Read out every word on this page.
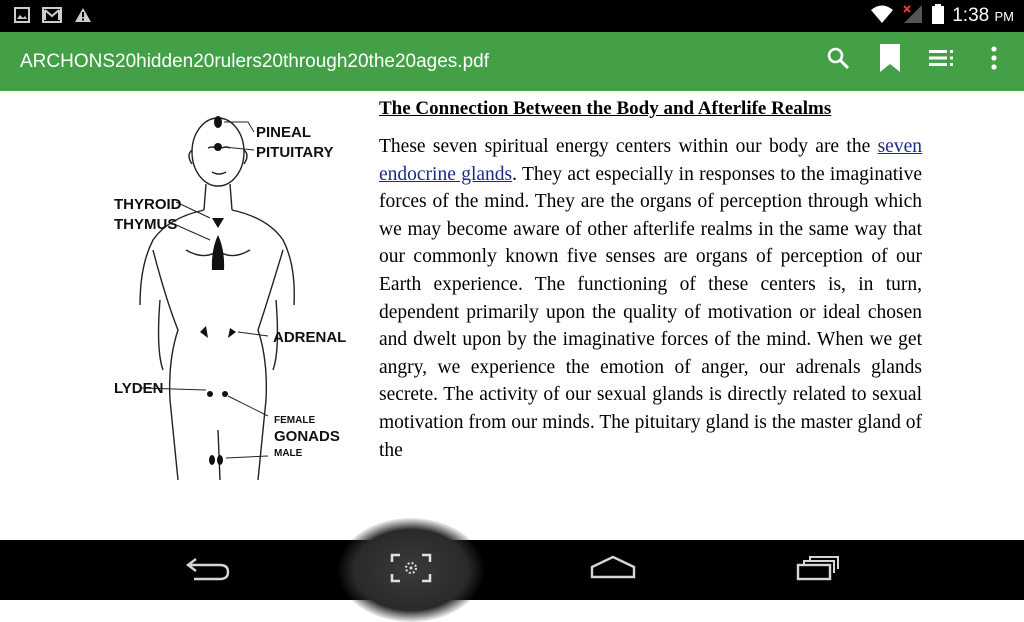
1:38 PM
ARCHONS20hidden20rulers20through20the20ages.pdf
PINEAL
PITUITARY
THYROID
THYMUS
ADRENAL
LYDEN
FEMALE
GONADS
MALE

The Connection Between the Body and Afterlife Realms

These seven spiritual energy centers within our body are the seven endocrine glands. They act especially in responses to the imaginative forces of the mind. They are the organs of perception through which we may become aware of other afterlife realms in the same way that our commonly known five senses are organs of perception of our Earth experience. The functioning of these centers is, in turn, dependent primarily upon the quality of motivation or ideal chosen and dwelt upon by the imaginative forces of the mind. When we get angry, we experience the emotion of anger, our adrenals glands secrete. The activity of our sexual glands is directly related to sexual motivation from our minds. The pituitary gland is the master gland of the
